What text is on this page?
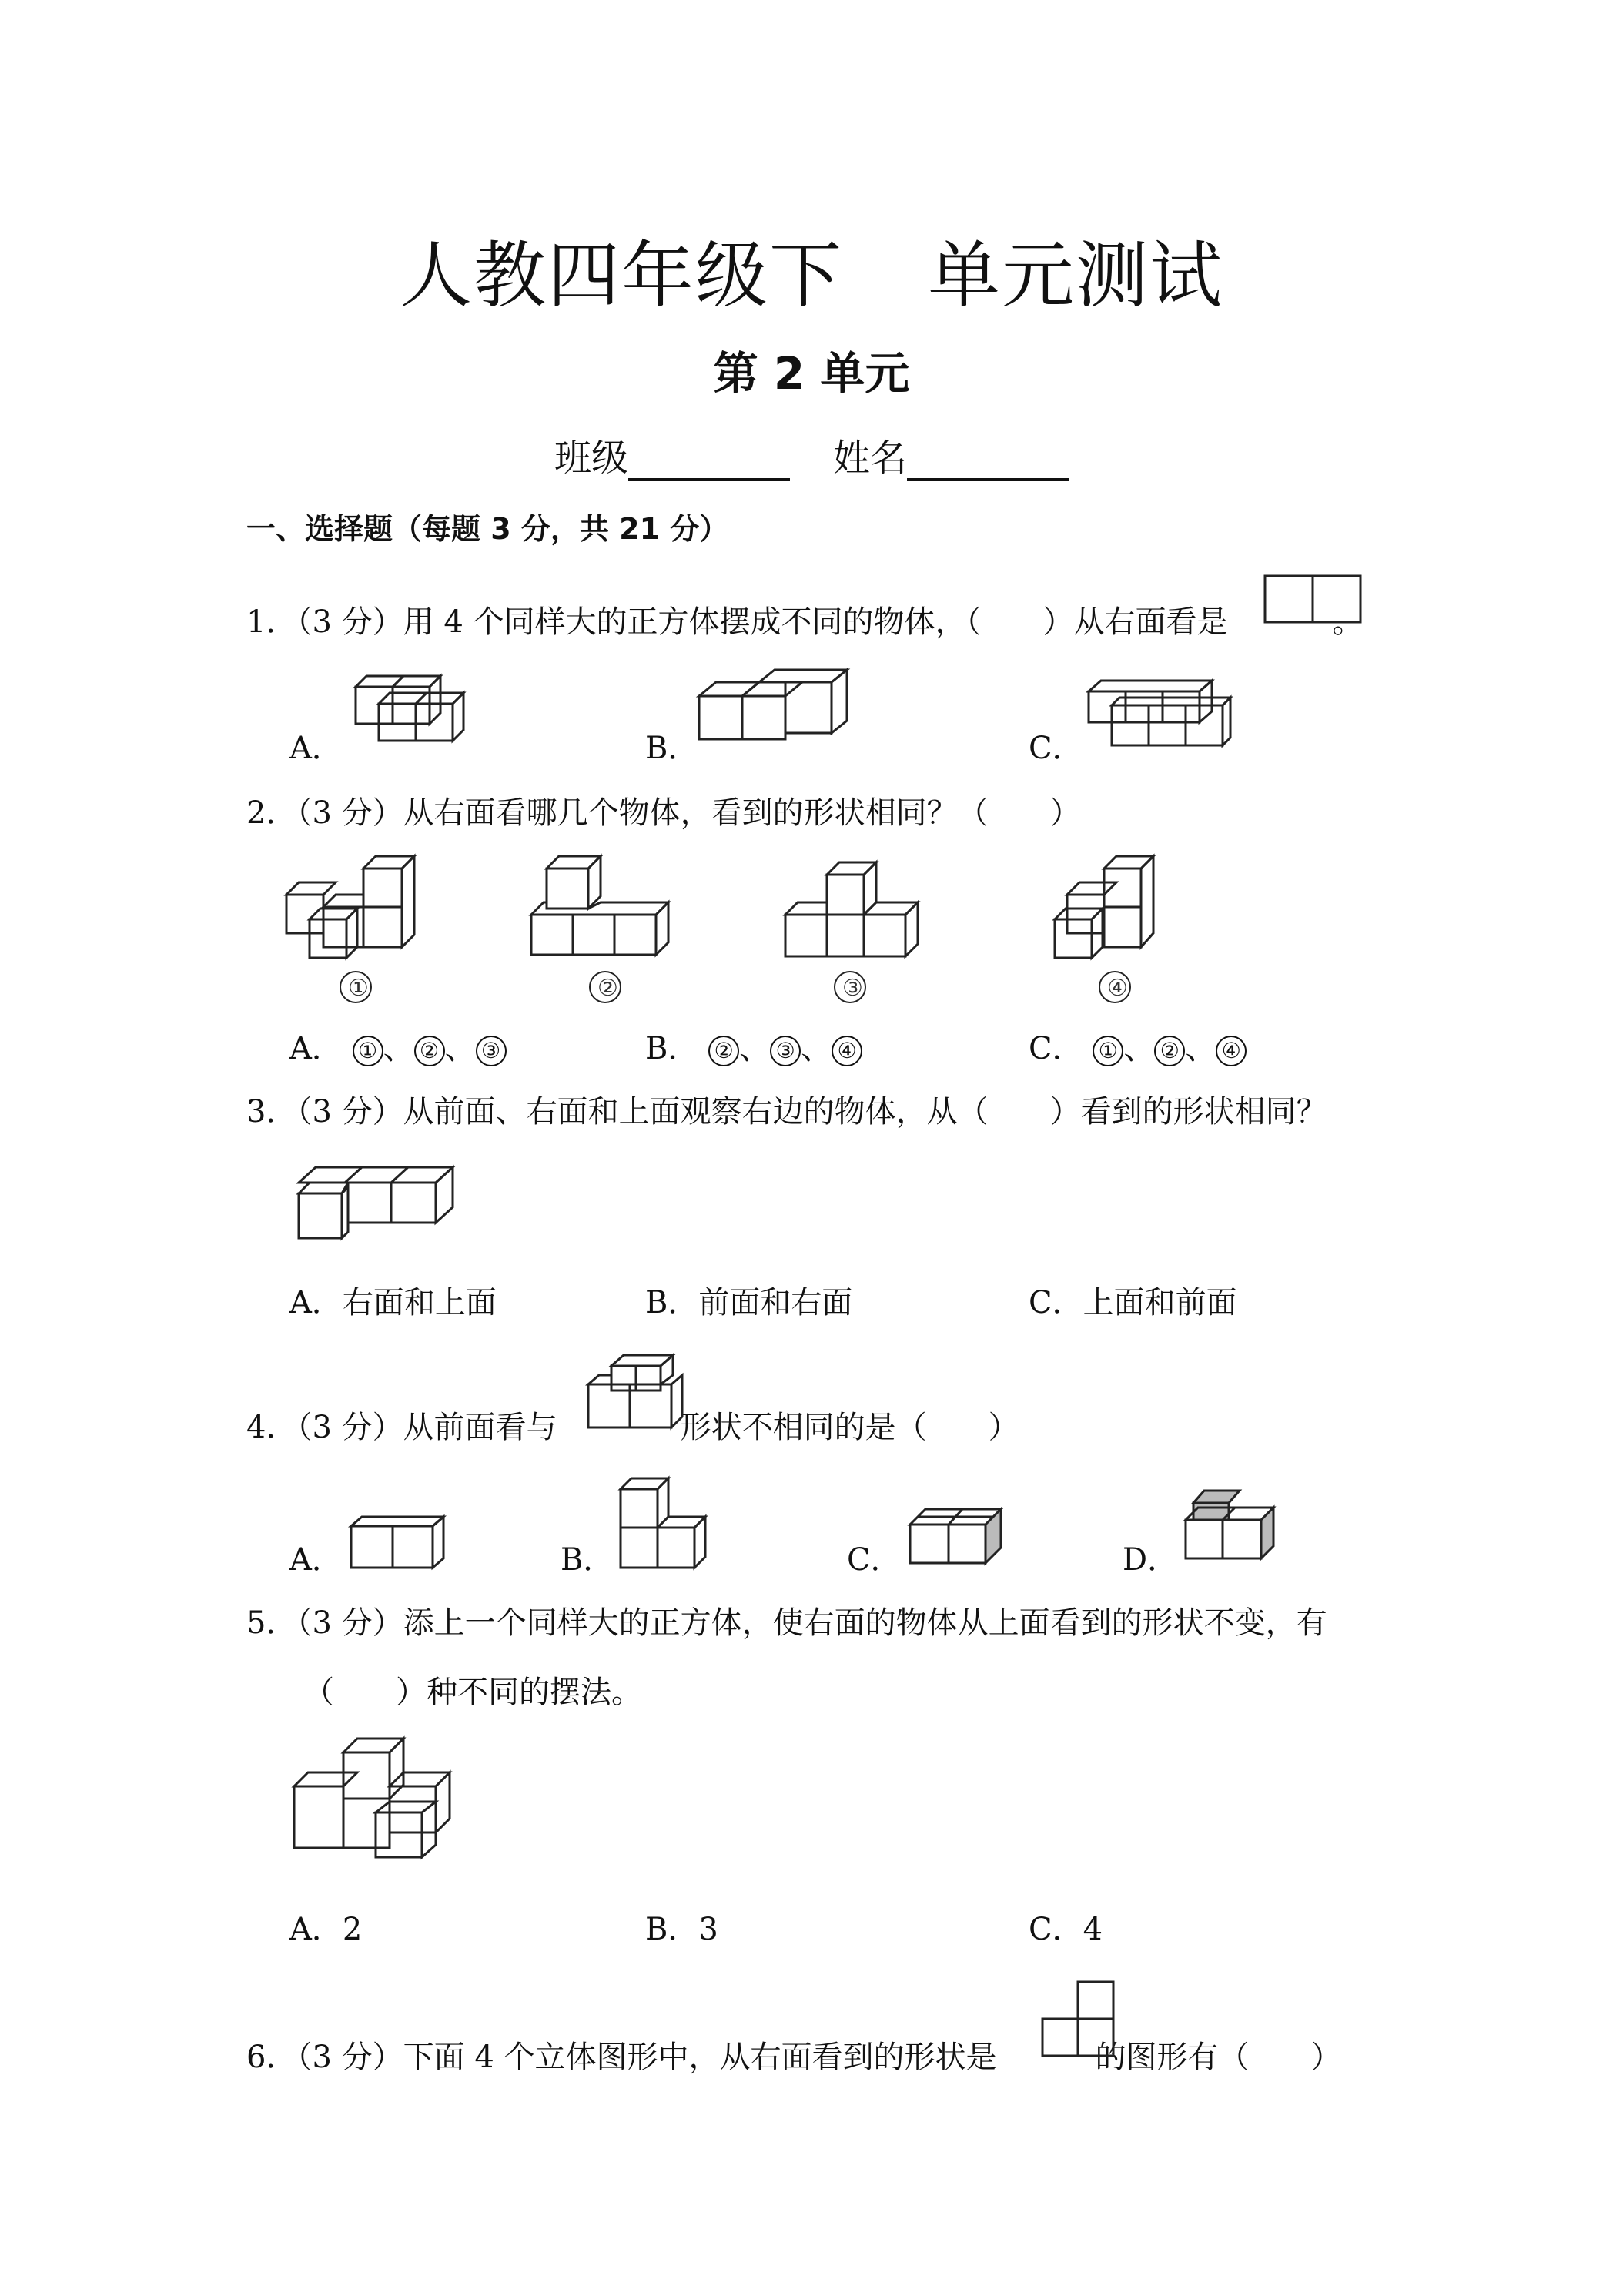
人教四年级下 单元测试
第 2 单元
班级	姓名
一、选择题（每题 3 分，共 21 分）
1．（3 分）用 4 个同样大的正方体摆成不同的物体，（　　）从右面看是	。
A．	B．	C．
2．（3 分）从右面看哪几个物体，看到的形状相同？（　　）
①	②	③	④
A． ① 、 ② 、 ③	B． ② 、 ③ 、 ④	C． ① 、 ② 、 ④
3．（3 分）从前面、右面和上面观察右边的物体，从（　　）看到的形状相同？
A．右面和上面	B．前面和右面	C．上面和前面
4．（3 分）从前面看与	形状不相同的是（　　）
A．	B．	C．	D．
5．（3 分）添上一个同样大的正方体，使右面的物体从上面看到的形状不变，有
（　　）种不同的摆法。
A．2	B．3	C．4
6．（3 分）下面 4 个立体图形中，从右面看到的形状是	的图形有（　　）
